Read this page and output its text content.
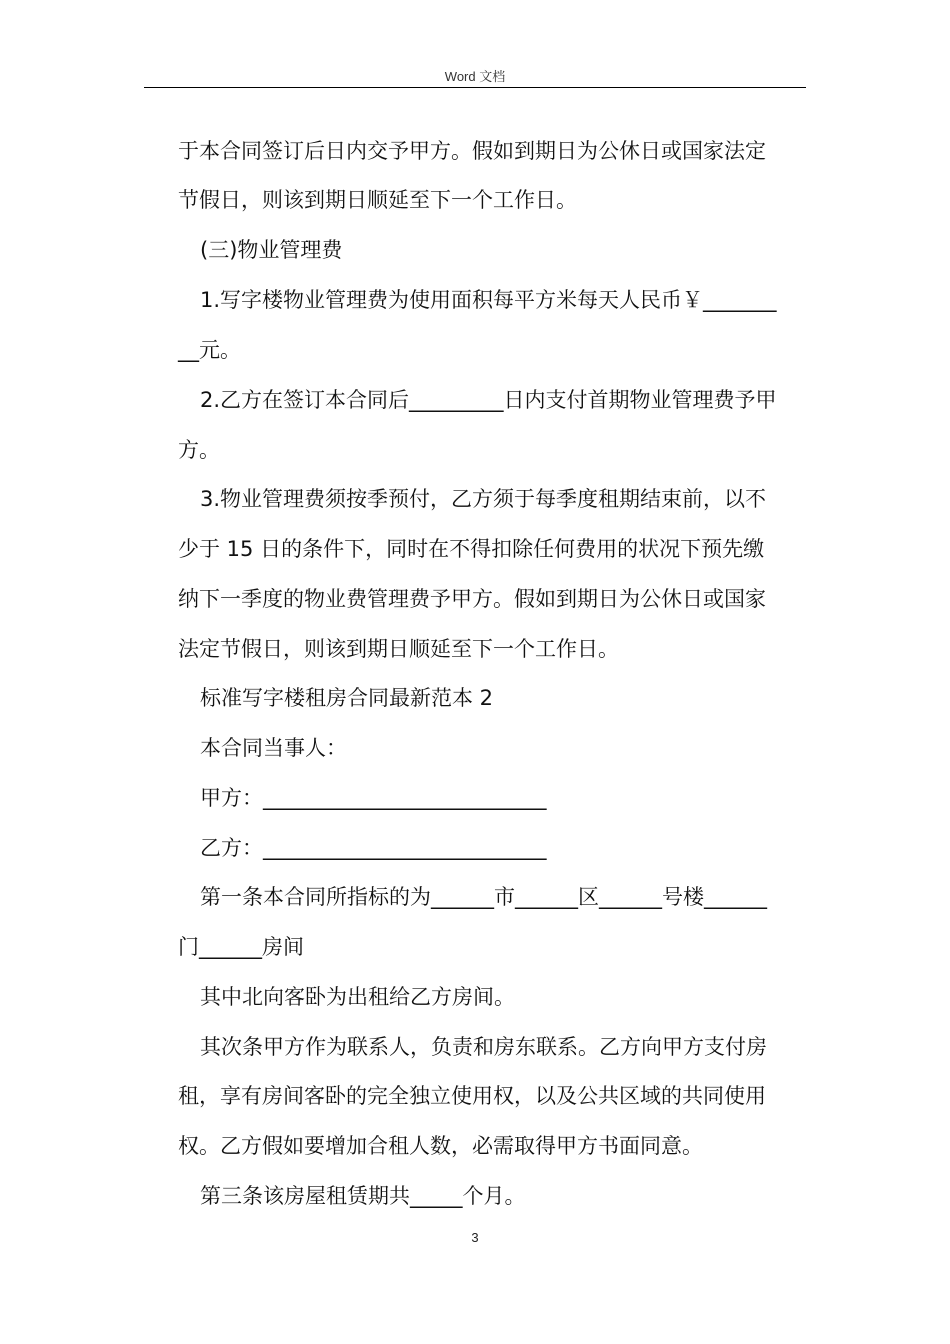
Word 文档
于本合同签订后日内交予甲方。假如到期日为公休日或国家法定
节假日，则该到期日顺延至下一个工作日。
(三)物业管理费
1.写字楼物业管理费为使用面积每平方米每天人民币￥_______
__元。
2.乙方在签订本合同后_________日内支付首期物业管理费予甲
方。
3.物业管理费须按季预付，乙方须于每季度租期结束前，以不
少于 15 日的条件下，同时在不得扣除任何费用的状况下预先缴
纳下一季度的物业费管理费予甲方。假如到期日为公休日或国家
法定节假日，则该到期日顺延至下一个工作日。
标准写字楼租房合同最新范本 2
本合同当事人：
甲方：___________________________
乙方：___________________________
第一条本合同所指标的为______市______区______号楼______
门______房间
其中北向客卧为出租给乙方房间。
其次条甲方作为联系人，负责和房东联系。乙方向甲方支付房
租，享有房间客卧的完全独立使用权，以及公共区域的共同使用
权。乙方假如要增加合租人数，必需取得甲方书面同意。
第三条该房屋租赁期共_____个月。
3
